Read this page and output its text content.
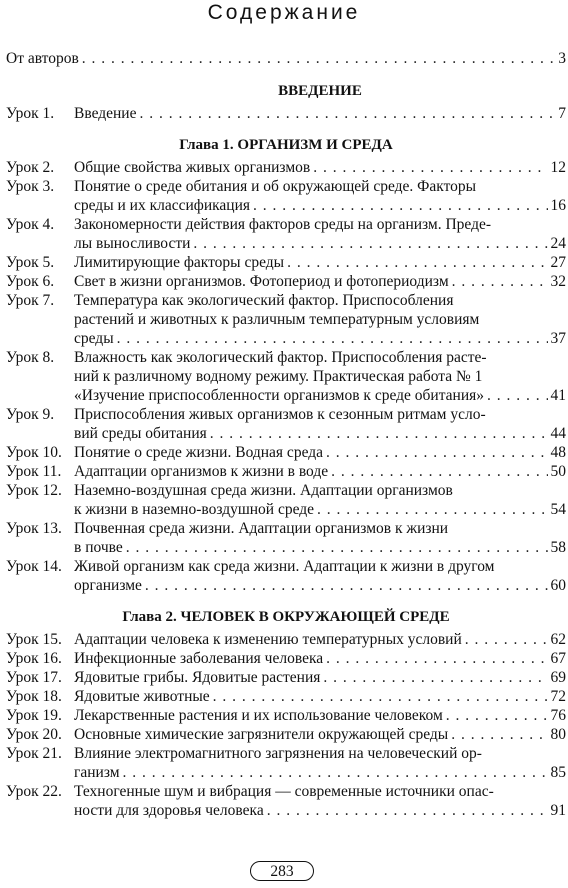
Содержание
От авторов . . .	3
ВВЕДЕНИЕ
Урок 1.	Введение . . .	7
Глава 1. ОРГАНИЗМ И СРЕДА
Урок 2.	Общие свойства живых организмов . . .	12
Урок 3.	Понятие о среде обитания и об окружающей среде. Факторы
среды и их классификация . . .	16
Урок 4.	Закономерности действия факторов среды на организм. Преде-
лы выносливости . . .	24
Урок 5.	Лимитирующие факторы среды . . .	27
Урок 6.	Свет в жизни организмов. Фотопериод и фотопериодизм . . .	32
Урок 7.	Температура как экологический фактор. Приспособления
растений и животных к различным температурным условиям
среды . . .	37
Урок 8.	Влажность как экологический фактор. Приспособления расте-
ний к различному водному режиму. Практическая работа № 1
«Изучение приспособленности организмов к среде обитания» . . .	41
Урок 9.	Приспособления живых организмов к сезонным ритмам усло-
вий среды обитания . . .	44
Урок 10. Понятие о среде жизни. Водная среда . . .	48
Урок 11. Адаптации организмов к жизни в воде . . .	50
Урок 12. Наземно-воздушная среда жизни. Адаптации организмов
к жизни в наземно-воздушной среде . . .	54
Урок 13. Почвенная среда жизни. Адаптации организмов к жизни
в почве . . .	58
Урок 14. Живой организм как среда жизни. Адаптации к жизни в другом
организме . . .	60
Глава 2. ЧЕЛОВЕК В ОКРУЖАЮЩЕЙ СРЕДЕ
Урок 15. Адаптации человека к изменению температурных условий . . .	62
Урок 16. Инфекционные заболевания человека . . .	67
Урок 17. Ядовитые грибы. Ядовитые растения . . .	69
Урок 18. Ядовитые животные . . .	72
Урок 19. Лекарственные растения и их использование человеком . . .	76
Урок 20. Основные химические загрязнители окружающей среды . . .	80
Урок 21. Влияние электромагнитного загрязнения на человеческий ор-
ганизм . . .	85
Урок 22. Техногенные шум и вибрация — современные источники опас-
ности для здоровья человека . . .	91
283
